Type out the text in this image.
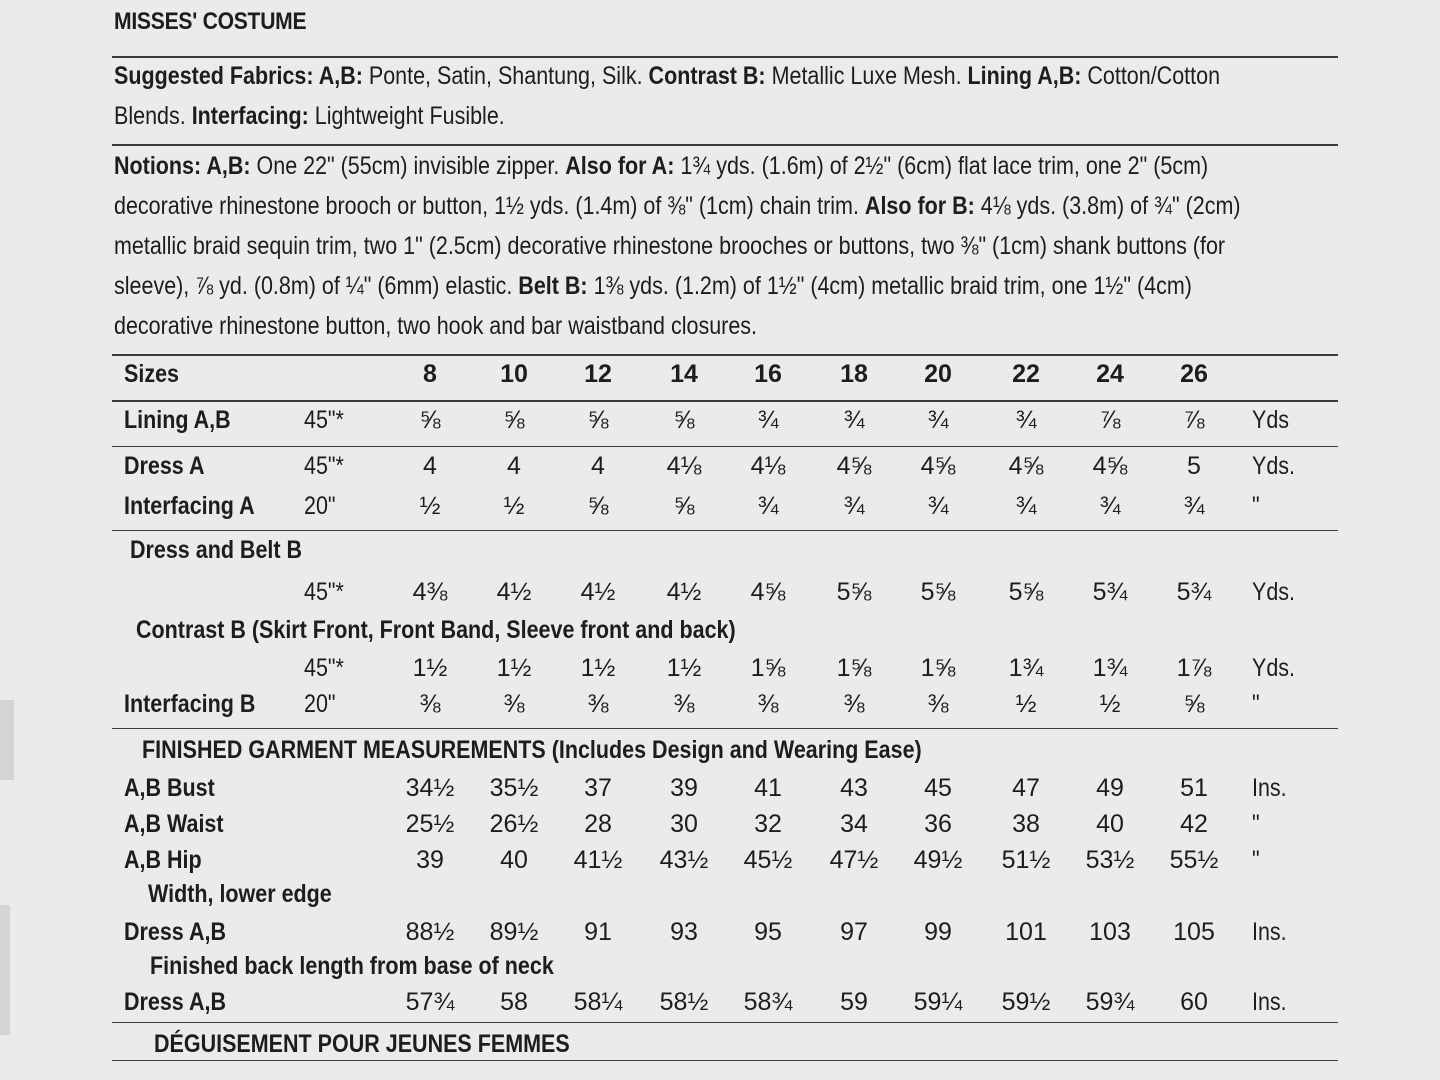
MISSES' COSTUME
Suggested Fabrics: A,B: Ponte, Satin, Shantung, Silk. Contrast B: Metallic Luxe Mesh. Lining A,B: Cotton/Cotton
Blends. Interfacing: Lightweight Fusible.
Notions: A,B: One 22" (55cm) invisible zipper. Also for A: 1¾ yds. (1.6m) of 2½" (6cm) flat lace trim, one 2" (5cm)
decorative rhinestone brooch or button, 1½ yds. (1.4m) of ⅜" (1cm) chain trim. Also for B: 4⅛ yds. (3.8m) of ¾" (2cm)
metallic braid sequin trim, two 1" (2.5cm) decorative rhinestone brooches or buttons, two ⅜" (1cm) shank buttons (for
sleeve), ⅞ yd. (0.8m) of ¼" (6mm) elastic. Belt B: 1⅜ yds. (1.2m) of 1½" (4cm) metallic braid trim, one 1½" (4cm)
decorative rhinestone button, two hook and bar waistband closures.
Sizes	8	10	12	14	16	18	20	22	24	26
Lining A,B	45"*	⅝	⅝	⅝	⅝	¾	¾	¾	¾	⅞	⅞	Yds
Dress A	45"*	4	4	4	4⅛	4⅛	4⅝	4⅝	4⅝	4⅝	5	Yds.
Interfacing A 20"	½	½	⅝	⅝	¾	¾	¾	¾	¾	¾	"
Dress and Belt B
45"*	4⅜	4½	4½	4½	4⅝	5⅝	5⅝	5⅝	5¾	5¾	Yds.
Contrast B (Skirt Front, Front Band, Sleeve front and back)
45"*	1½	1½	1½	1½	1⅝	1⅝	1⅝	1¾	1¾	1⅞	Yds.
Interfacing B 20"	⅜	⅜	⅜	⅜	⅜	⅜	⅜	½	½	⅝	"
FINISHED GARMENT MEASUREMENTS (Includes Design and Wearing Ease)
A,B Bust	34½	35½	37	39	41	43	45	47	49	51	Ins.
A,B Waist	25½	26½	28	30	32	34	36	38	40	42	"
A,B Hip	39	40	41½	43½	45½	47½	49½	51½	53½	55½	"
Width, lower edge
Dress A,B	88½	89½	91	93	95	97	99	101	103	105	Ins.
Finished back length from base of neck
Dress A,B	57¾	58	58¼	58½	58¾	59	59¼	59½	59¾	60	Ins.
DÉGUISEMENT POUR JEUNES FEMMES
